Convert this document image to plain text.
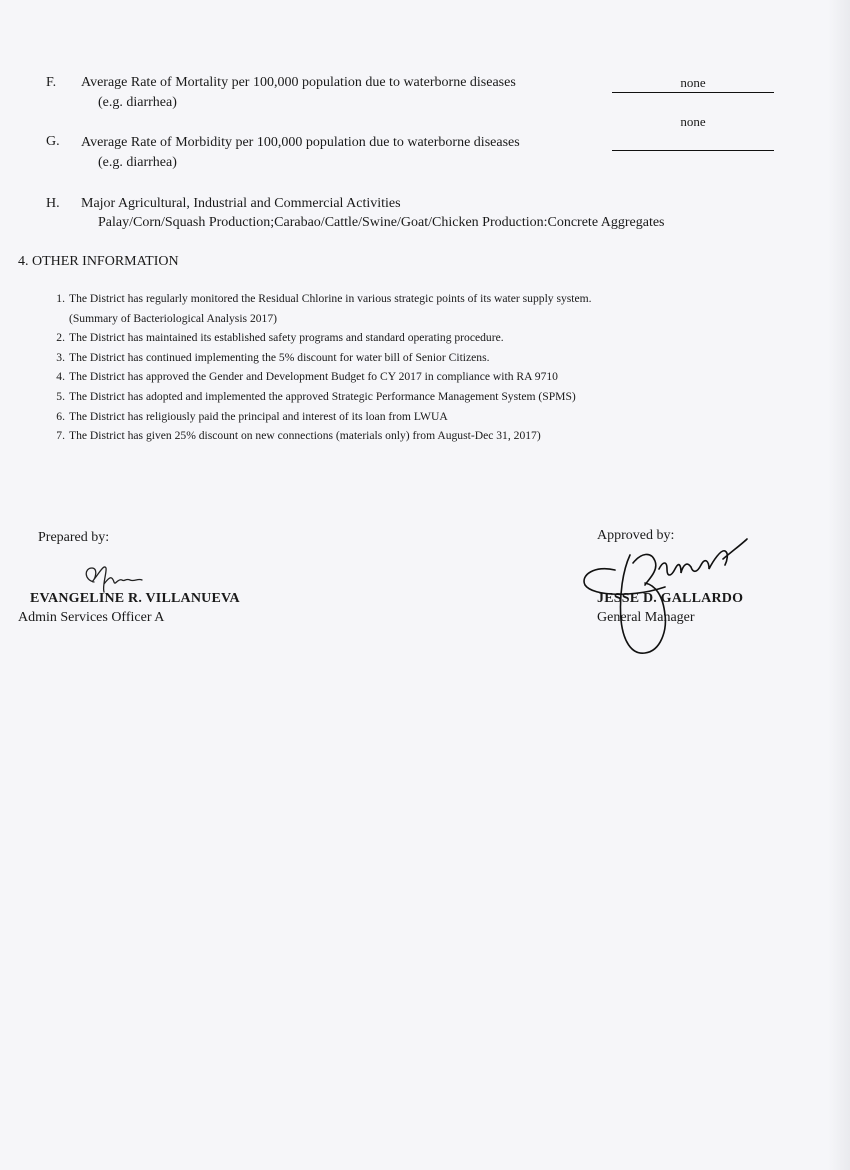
F. Average Rate of Mortality per 100,000 population due to waterborne diseases
(e.g. diarrhea)
none
none
G. Average Rate of Morbidity per 100,000 population due to waterborne diseases
(e.g. diarrhea)
H. Major Agricultural, Industrial and Commercial Activities
Palay/Corn/Squash Production;Carabao/Cattle/Swine/Goat/Chicken Production:Concrete Aggregates
4. OTHER INFORMATION
1. The District has regularly monitored the Residual Chlorine in various strategic points of its water supply system.
(Summary of Bacteriological Analysis 2017)
2. The District has maintained its established safety programs and standard operating procedure.
3. The District has continued implementing the 5% discount for water bill of Senior Citizens.
4. The District has approved the Gender and Development Budget fo CY 2017 in compliance with RA 9710
5. The District has adopted and implemented the approved Strategic Performance Management System (SPMS)
6. The District has religiously paid the principal and interest of its loan from LWUA
7. The District has given 25% discount on new connections (materials only) from August-Dec 31, 2017)
Prepared by:
EVANGELINE R. VILLANUEVA
Admin Services Officer A
Approved by:
JESSE D. GALLARDO
General Manager
